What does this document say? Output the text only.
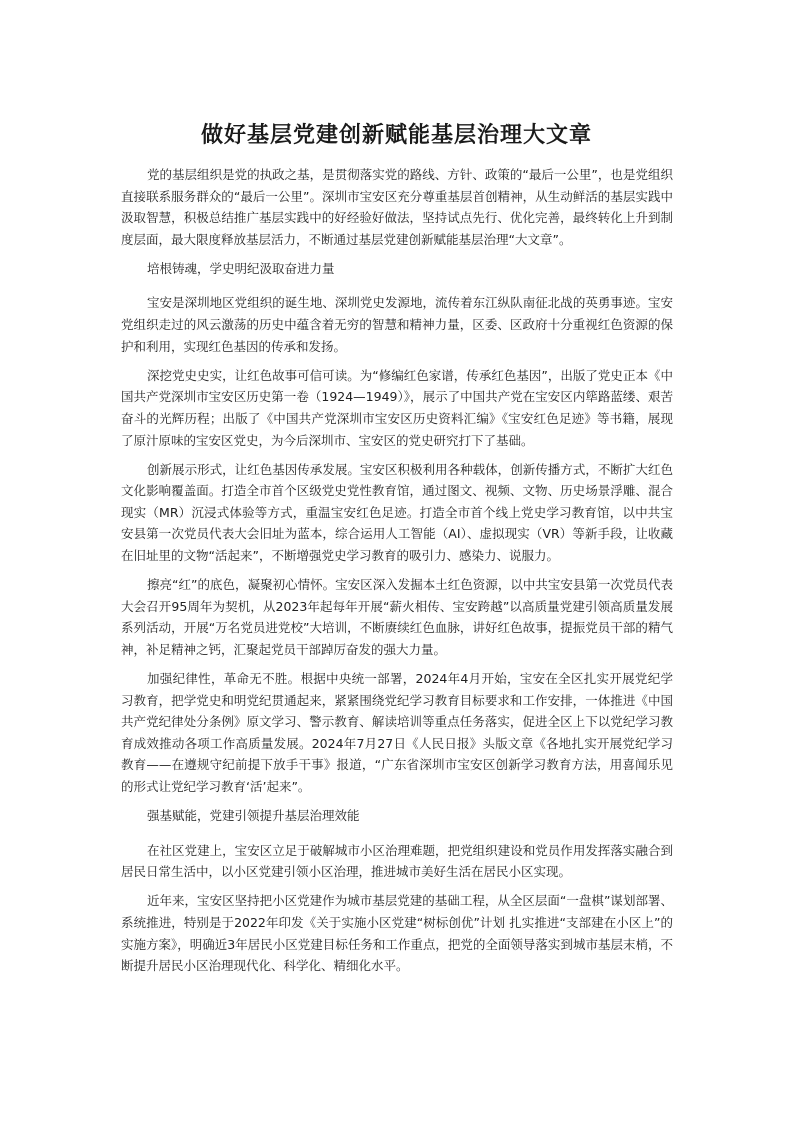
做好基层党建创新赋能基层治理大文章

党的基层组织是党的执政之基，是贯彻落实党的路线、方针、政策的“最后一公里”，也是党组织直接联系服务群众的“最后一公里”。深圳市宝安区充分尊重基层首创精神，从生动鲜活的基层实践中汲取智慧，积极总结推广基层实践中的好经验好做法，坚持试点先行、优化完善，最终转化上升到制度层面，最大限度释放基层活力，不断通过基层党建创新赋能基层治理“大文章”。

培根铸魂，学史明纪汲取奋进力量

宝安是深圳地区党组织的诞生地、深圳党史发源地，流传着东江纵队南征北战的英勇事迹。宝安党组织走过的风云激荡的历史中蕴含着无穷的智慧和精神力量，区委、区政府十分重视红色资源的保护和利用，实现红色基因的传承和发扬。

深挖党史史实，让红色故事可信可读。为“修编红色家谱，传承红色基因”，出版了党史正本《中国共产党深圳市宝安区历史第一卷（1924—1949）》，展示了中国共产党在宝安区内筚路蓝缕、艰苦奋斗的光辉历程；出版了《中国共产党深圳市宝安区历史资料汇编》《宝安红色足迹》等书籍，展现了原汁原味的宝安区党史，为今后深圳市、宝安区的党史研究打下了基础。

创新展示形式，让红色基因传承发展。宝安区积极利用各种载体，创新传播方式，不断扩大红色文化影响覆盖面。打造全市首个区级党史党性教育馆，通过图文、视频、文物、历史场景浮雕、混合现实（MR）沉浸式体验等方式，重温宝安红色足迹。打造全市首个线上党史学习教育馆，以中共宝安县第一次党员代表大会旧址为蓝本，综合运用人工智能（AI）、虚拟现实（VR）等新手段，让收藏在旧址里的文物“活起来”，不断增强党史学习教育的吸引力、感染力、说服力。

擦亮“红”的底色，凝聚初心情怀。宝安区深入发掘本土红色资源，以中共宝安县第一次党员代表大会召开95周年为契机，从2023年起每年开展“薪火相传、宝安跨越”以高质量党建引领高质量发展系列活动，开展“万名党员进党校”大培训，不断赓续红色血脉，讲好红色故事，提振党员干部的精气神，补足精神之钙，汇聚起党员干部踔厉奋发的强大力量。

加强纪律性，革命无不胜。根据中央统一部署，2024年4月开始，宝安在全区扎实开展党纪学习教育，把学党史和明党纪贯通起来，紧紧围绕党纪学习教育目标要求和工作安排，一体推进《中国共产党纪律处分条例》原文学习、警示教育、解读培训等重点任务落实，促进全区上下以党纪学习教育成效推动各项工作高质量发展。2024年7月27日《人民日报》头版文章《各地扎实开展党纪学习教育——在遵规守纪前提下放手干事》报道，“广东省深圳市宝安区创新学习教育方法，用喜闻乐见的形式让党纪学习教育‘活’起来”。

强基赋能，党建引领提升基层治理效能

在社区党建上，宝安区立足于破解城市小区治理难题，把党组织建设和党员作用发挥落实融合到居民日常生活中，以小区党建引领小区治理，推进城市美好生活在居民小区实现。

近年来，宝安区坚持把小区党建作为城市基层党建的基础工程，从全区层面“一盘棋”谋划部署、系统推进，特别是于2022年印发《关于实施小区党建“树标创优”计划 扎实推进“支部建在小区上”的实施方案》，明确近3年居民小区党建目标任务和工作重点，把党的全面领导落实到城市基层末梢，不断提升居民小区治理现代化、科学化、精细化水平。
